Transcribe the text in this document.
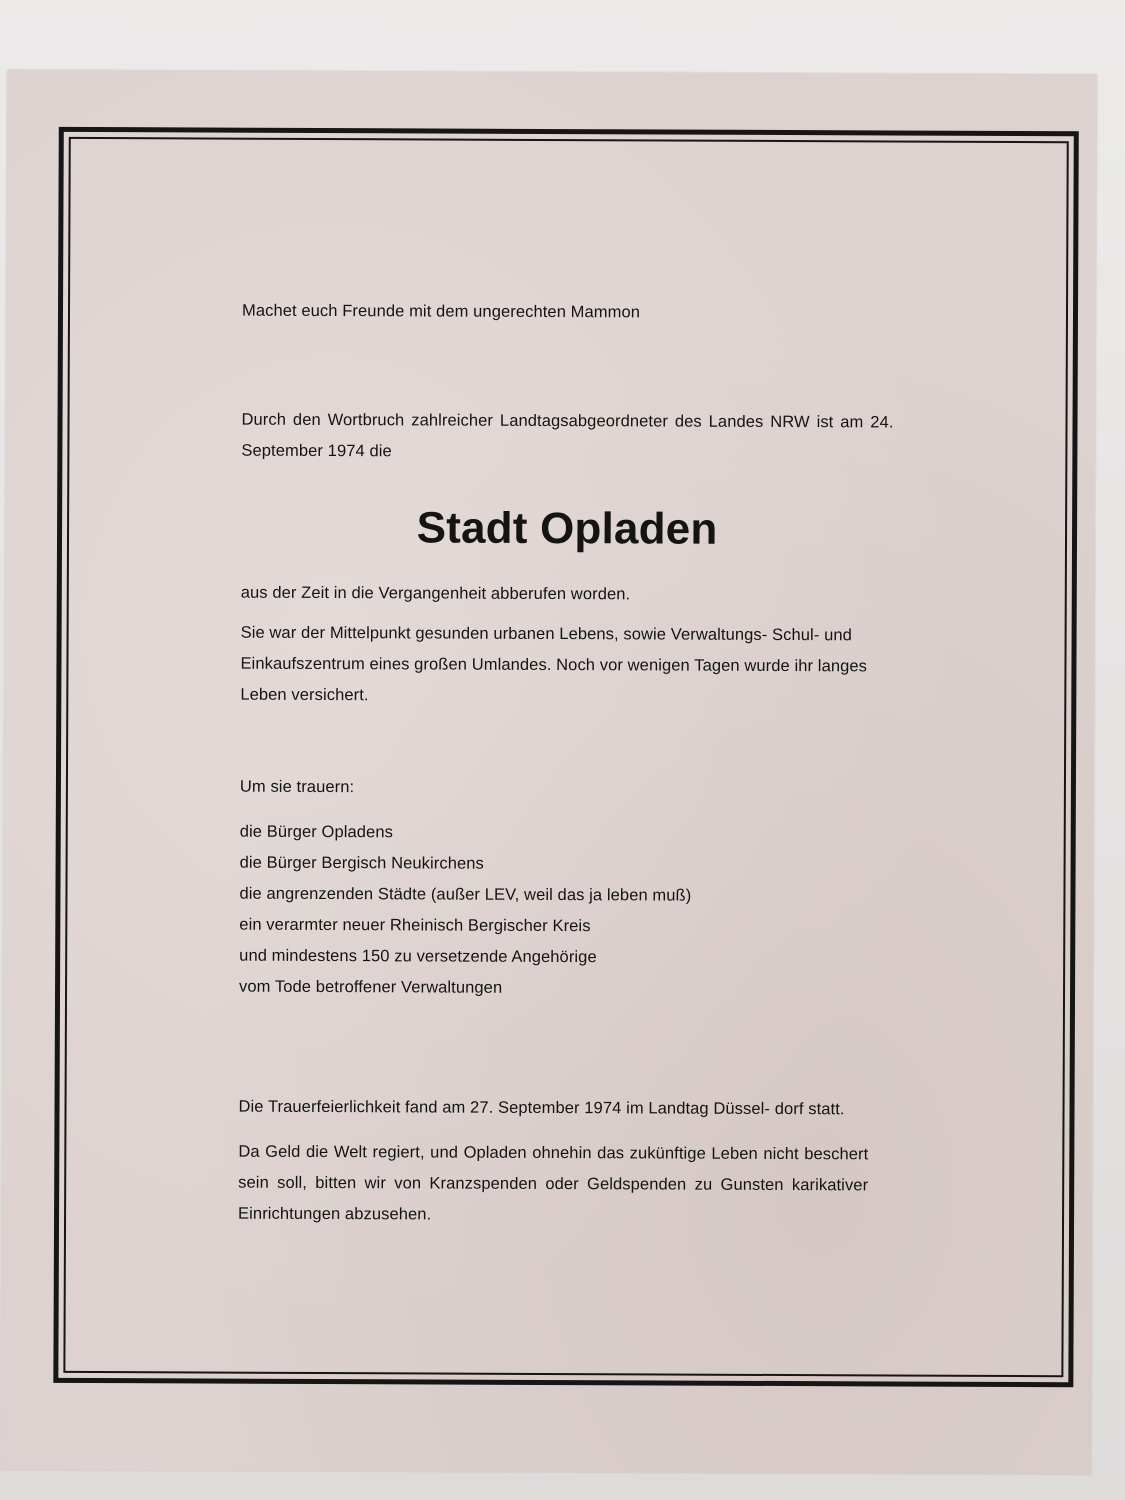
Machet euch Freunde mit dem ungerechten Mammon

Durch den Wortbruch zahlreicher Landtagsabgeordneter des Landes NRW ist am 24. September 1974 die

Stadt Opladen

aus der Zeit in die Vergangenheit abberufen worden.

Sie war der Mittelpunkt gesunden urbanen Lebens, sowie Verwaltungs- Schul- und Einkaufszentrum eines großen Umlandes. Noch vor wenigen Tagen wurde ihr langes Leben versichert.

Um sie trauern:

die Bürger Opladens
die Bürger Bergisch Neukirchens
die angrenzenden Städte (außer LEV, weil das ja leben muß)
ein verarmter neuer Rheinisch Bergischer Kreis
und mindestens 150 zu versetzende Angehörige
vom Tode betroffener Verwaltungen

Die Trauerfeierlichkeit fand am 27. September 1974 im Landtag Düssel- dorf statt.

Da Geld die Welt regiert, und Opladen ohnehin das zukünftige Leben nicht beschert sein soll, bitten wir von Kranzspenden oder Geldspenden zu Gunsten karikativer Einrichtungen abzusehen.
